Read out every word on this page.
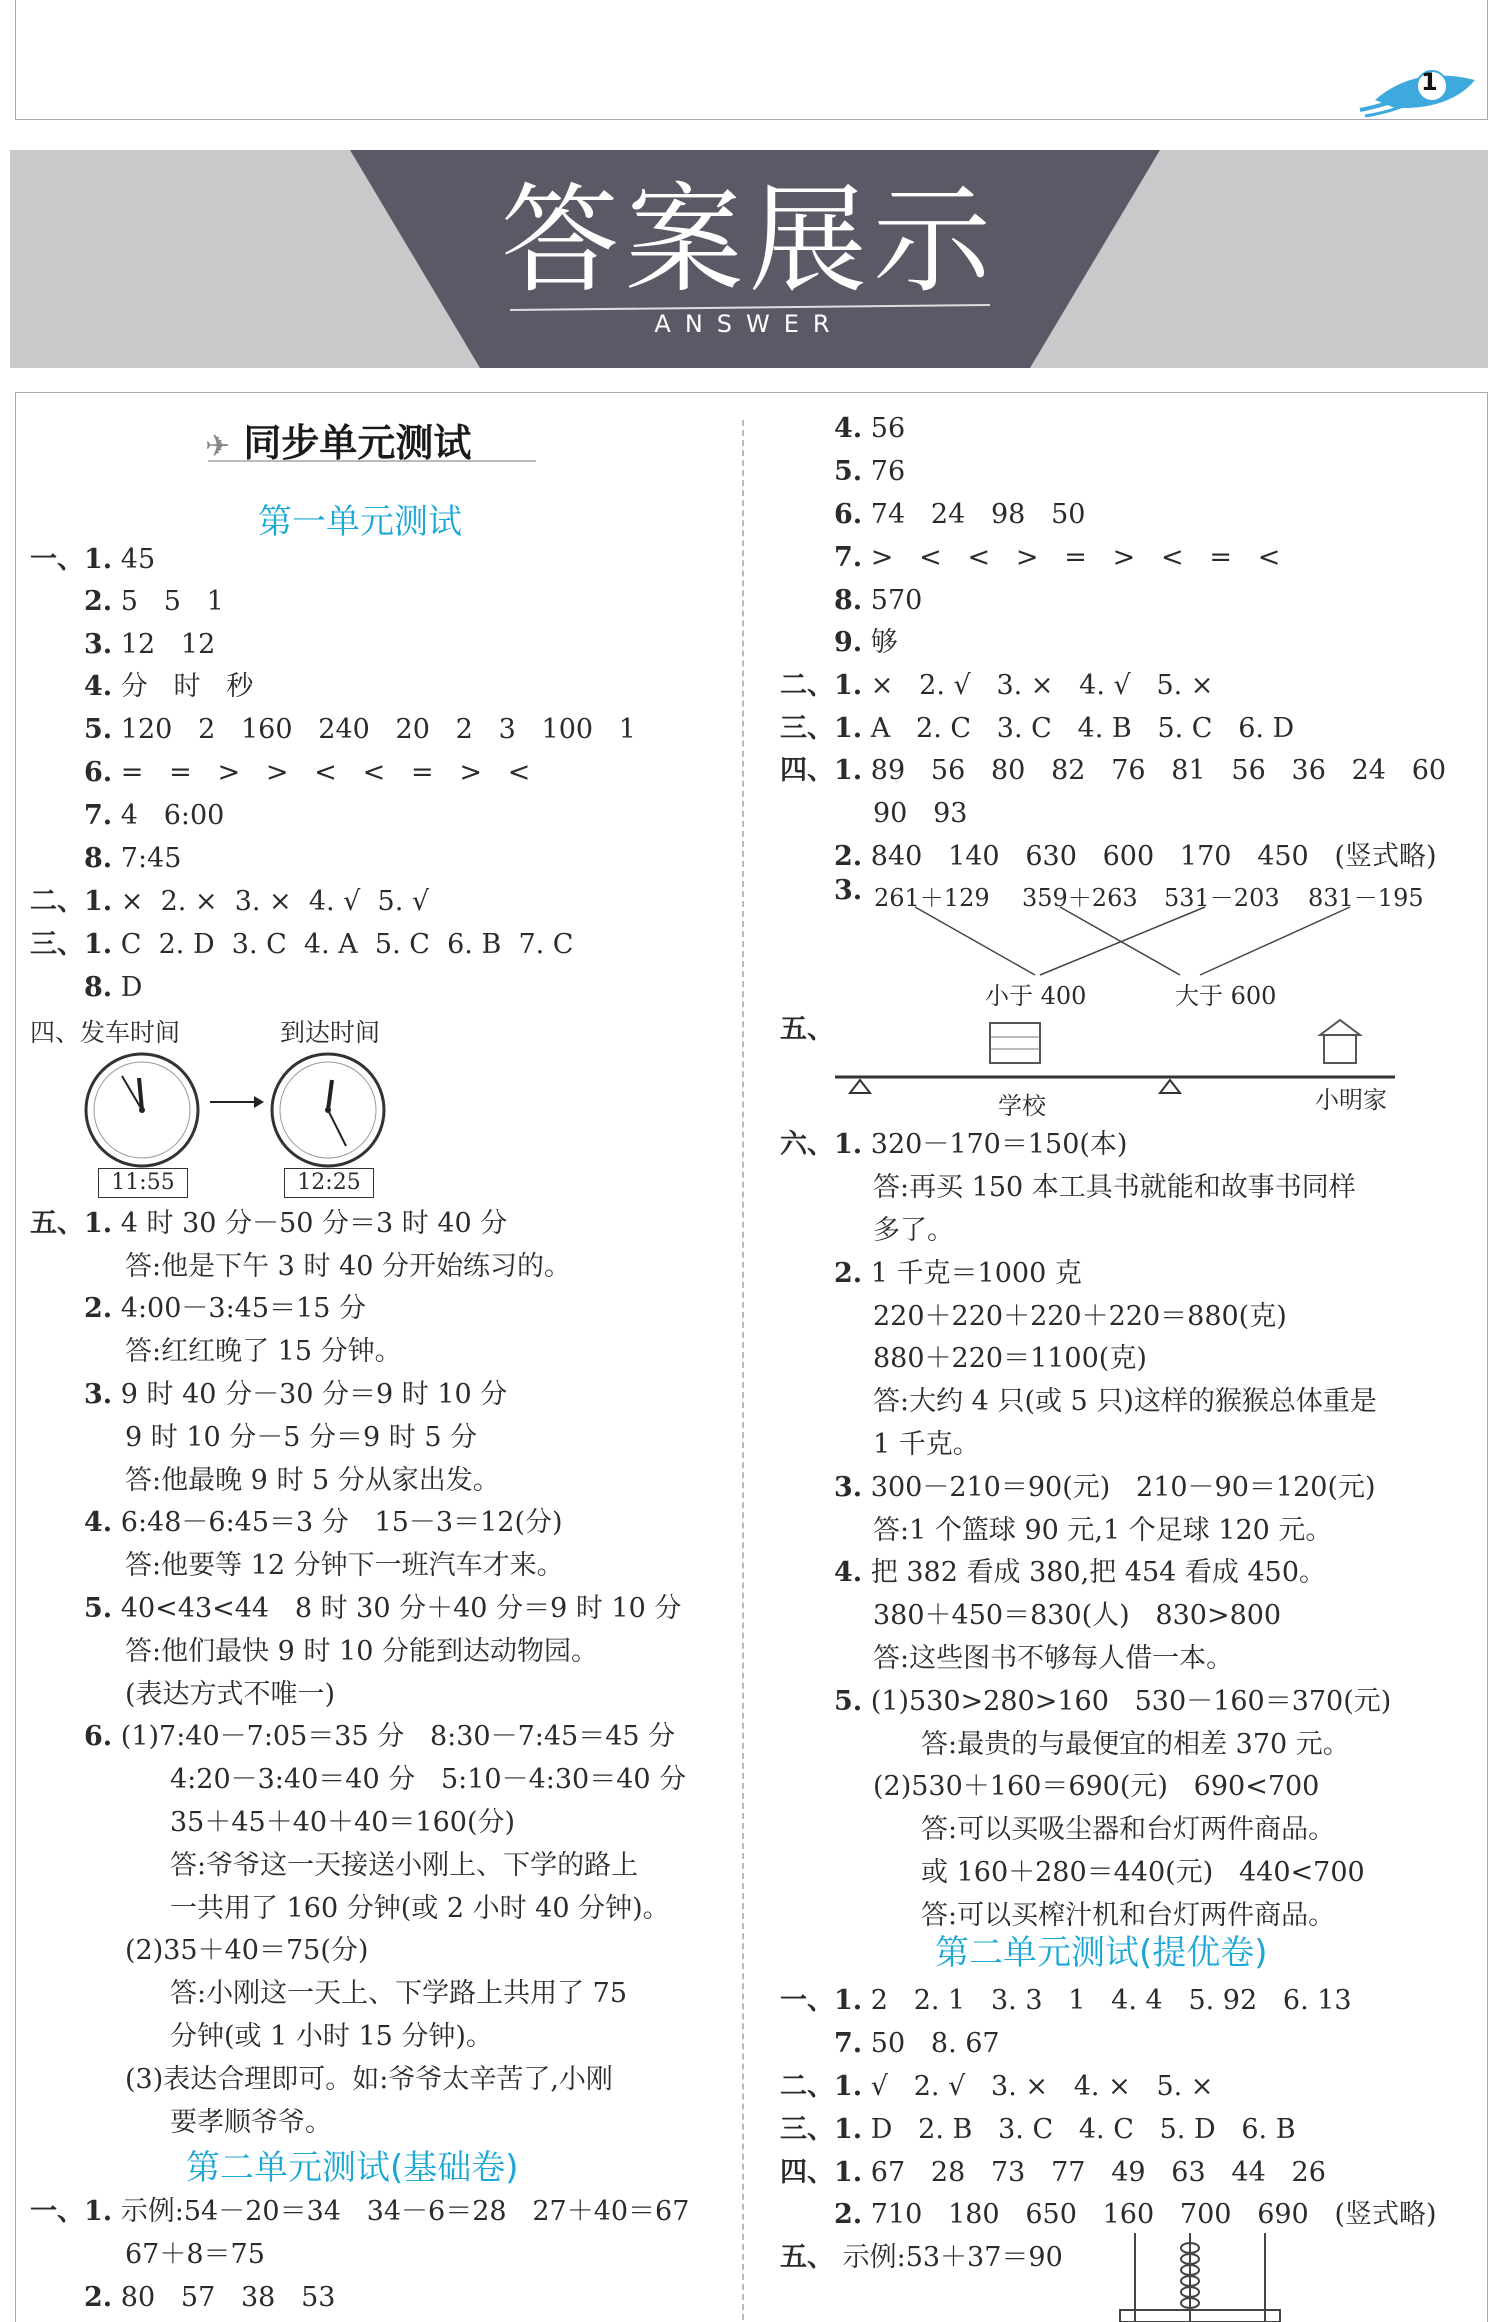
1
答案展示
ANSWER
✈ 同步单元测试
第一单元测试
第二单元测试(基础卷)
第二单元测试(提优卷)
一、1. 45
2. 5   5   1
3. 12   12
4. 分   时   秒
5. 120   2   160   240   20   2   3   100   1
6. =   =   >   >   <   <   =   >   <
7. 4   6:00
8. 7:45
二、1. ×  2. ×  3. ×  4. √  5. √
三、1. C  2. D  3. C  4. A  5. C  6. B  7. C
8. D
五、1. 4 时 30 分－50 分＝3 时 40 分
答:他是下午 3 时 40 分开始练习的。
2. 4:00－3:45＝15 分
答:红红晚了 15 分钟。
3. 9 时 40 分－30 分＝9 时 10 分
9 时 10 分－5 分＝9 时 5 分
答:他最晚 9 时 5 分从家出发。
4. 6:48－6:45＝3 分   15－3＝12(分)
答:他要等 12 分钟下一班汽车才来。
5. 40<43<44   8 时 30 分＋40 分＝9 时 10 分
答:他们最快 9 时 10 分能到达动物园。
(表达方式不唯一)
6. (1)7:40－7:05＝35 分   8:30－7:45＝45 分
4:20－3:40＝40 分   5:10－4:30＝40 分
35＋45＋40＋40＝160(分)
答:爷爷这一天接送小刚上、下学的路上
一共用了 160 分钟(或 2 小时 40 分钟)。
(2)35＋40＝75(分)
答:小刚这一天上、下学路上共用了 75
分钟(或 1 小时 15 分钟)。
(3)表达合理即可。如:爷爷太辛苦了,小刚
要孝顺爷爷。
一、1. 示例:54－20＝34   34－6＝28   27＋40＝67
67＋8＝75
2. 80   57   38   53
4. 56
5. 76
6. 74   24   98   50
7. >   <   <   >   =   >   <   =   <
8. 570
9. 够
二、1. ×   2. √   3. ×   4. √   5. ×
三、1. A   2. C   3. C   4. B   5. C   6. D
四、1. 89   56   80   82   76   81   56   36   24   60
90   93
2. 840   140   630   600   170   450   (竖式略)
六、1. 320－170＝150(本)
答:再买 150 本工具书就能和故事书同样
多了。
2. 1 千克＝1000 克
220＋220＋220＋220＝880(克)
880＋220＝1100(克)
答:大约 4 只(或 5 只)这样的猴猴总体重是
1 千克。
3. 300－210＝90(元)   210－90＝120(元)
答:1 个篮球 90 元,1 个足球 120 元。
4. 把 382 看成 380,把 454 看成 450。
380＋450＝830(人)   830>800
答:这些图书不够每人借一本。
5. (1)530>280>160   530－160＝370(元)
答:最贵的与最便宜的相差 370 元。
(2)530＋160＝690(元)   690<700
答:可以买吸尘器和台灯两件商品。
或 160＋280＝440(元)   440<700
答:可以买榨汁机和台灯两件商品。
一、1. 2   2. 1   3. 3   1   4. 4   5. 92   6. 13
7. 50   8. 67
二、1. √   2. √   3. ×   4. ×   5. ×
三、1. D   2. B   3. C   4. C   5. D   6. B
四、1. 67   28   73   77   49   63   44   26
2. 710   180   650   160   700   690   (竖式略)
五、 示例:53＋37＝90
四、发车时间	到达时间
11:55	12:25
3. 261＋129 359＋263 531－203 831－195
小于 400	大于 600
五、
学校	小明家
